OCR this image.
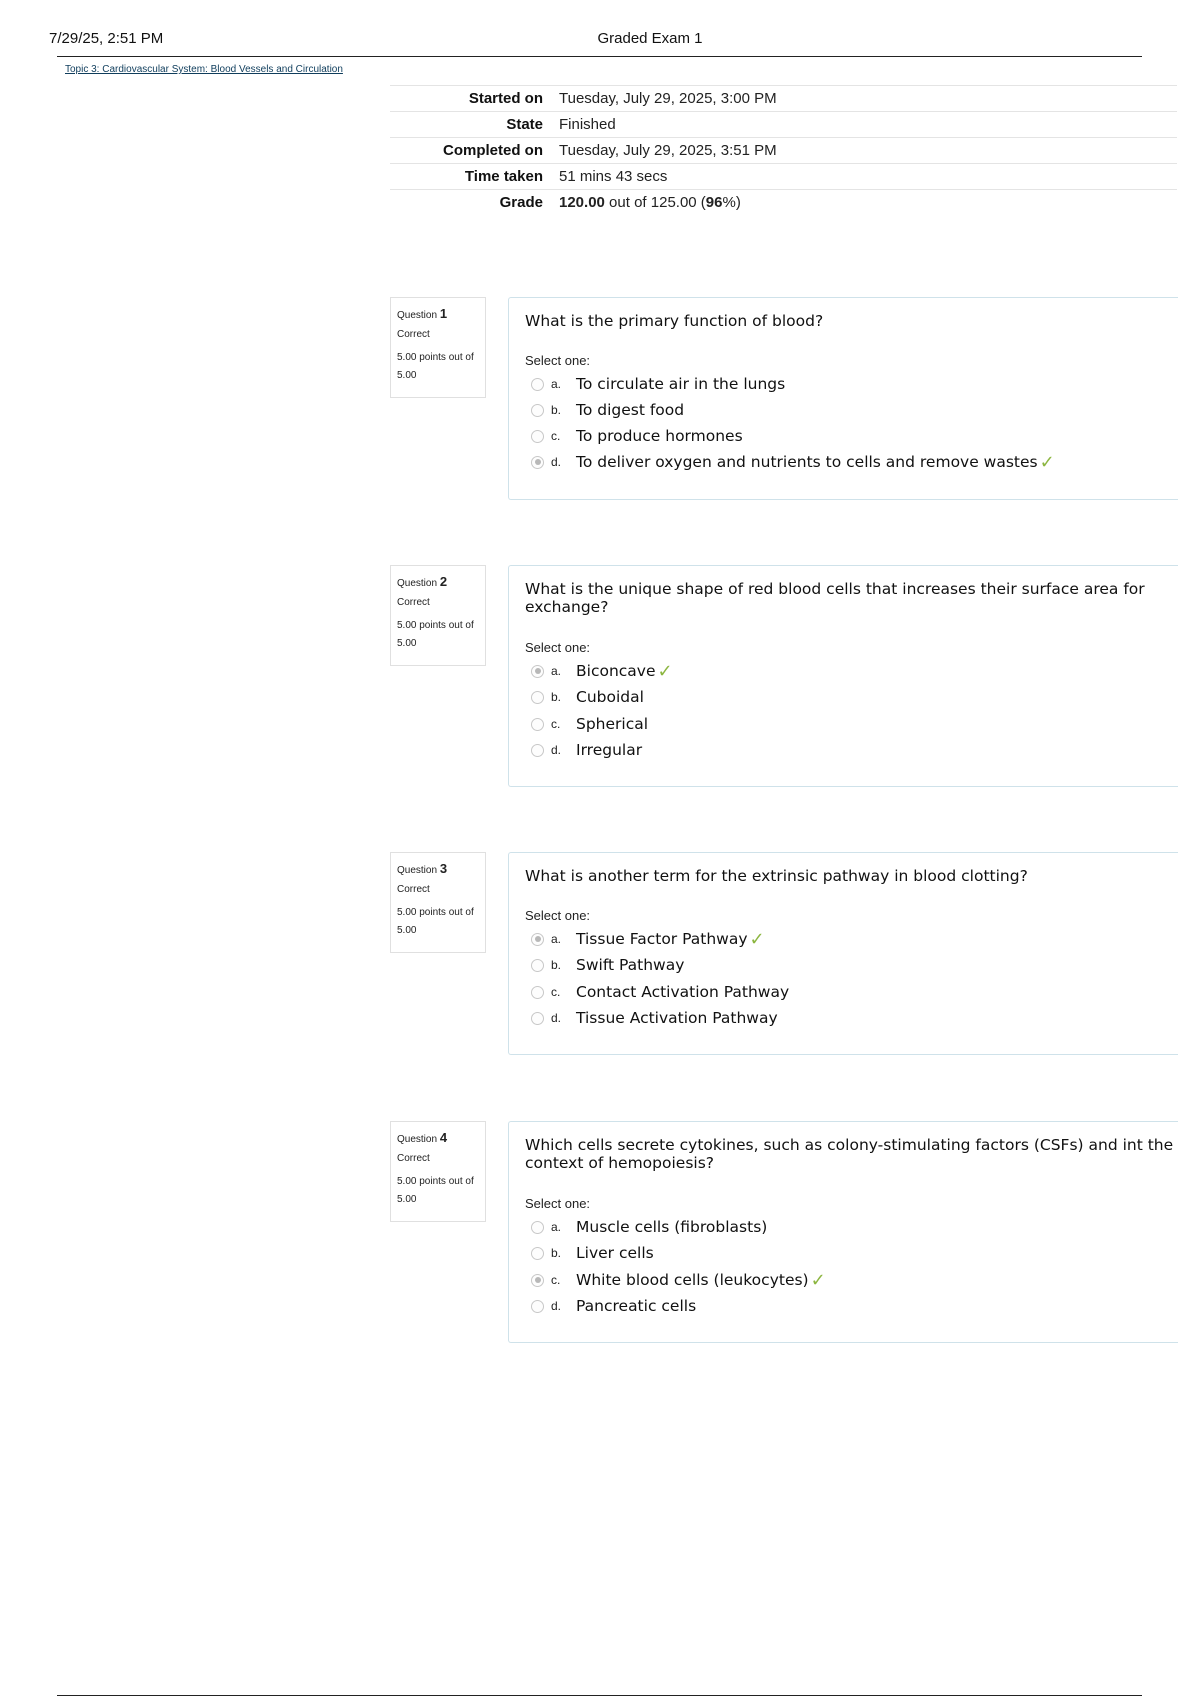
7/29/25, 2:51 PM	Graded Exam 1
Topic 3: Cardiovascular System: Blood Vessels and Circulation
Started on	Tuesday, July 29, 2025, 3:00 PM
State	Finished
Completed on	Tuesday, July 29, 2025, 3:51 PM
Time taken	51 mins 43 secs
Grade	120.00 out of 125.00 (96%)
Question 1
Correct
5.00 points out of 5.00
What is the primary function of blood?
Select one:
a. To circulate air in the lungs
b. To digest food
c.	To produce hormones
d. To deliver oxygen and nutrients to cells and remove wastes ✓
Question 2
Correct
5.00 points out of 5.00
What is the unique shape of red blood cells that increases their surface area for exchange?
Select one:
a. Biconcave ✓
b. Cuboidal
c.	Spherical
d. Irregular
Question 3
Correct
5.00 points out of 5.00
What is another term for the extrinsic pathway in blood clotting?
Select one:
a. Tissue Factor Pathway ✓
b. Swift Pathway
c.	Contact Activation Pathway
d. Tissue Activation Pathway
Question 4
Correct
5.00 points out of 5.00
Which cells secrete cytokines, such as colony-stimulating factors (CSFs) and int the context of hemopoiesis?
Select one:
a. Muscle cells (fibroblasts)
b. Liver cells
c.	White blood cells (leukocytes) ✓
d. Pancreatic cells
